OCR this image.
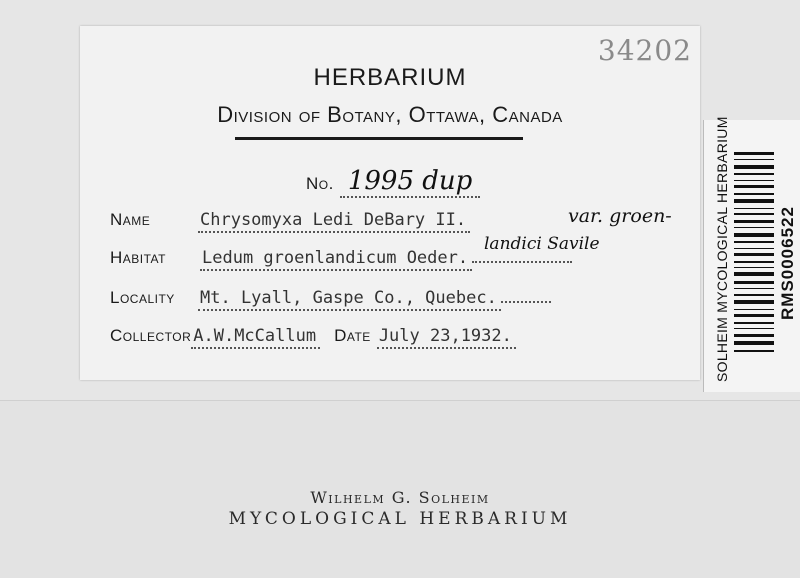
34202
HERBARIUM
Division of Botany, Ottawa, Canada
No. 1995 dup
Name	Chrysomyxa Ledi DeBary II.	var. groen-
landici Savile
Habitat	Ledum groenlandicum Oeder.
Locality	Mt. Lyall, Gaspe Co., Quebec.
Collector A.W.McCallum Date July 23,1932.	SOLHEIM MYCOLOGICAL HERBARIUM	RMS0006522
Wilhelm G. Solheim
MYCOLOGICAL HERBARIUM
